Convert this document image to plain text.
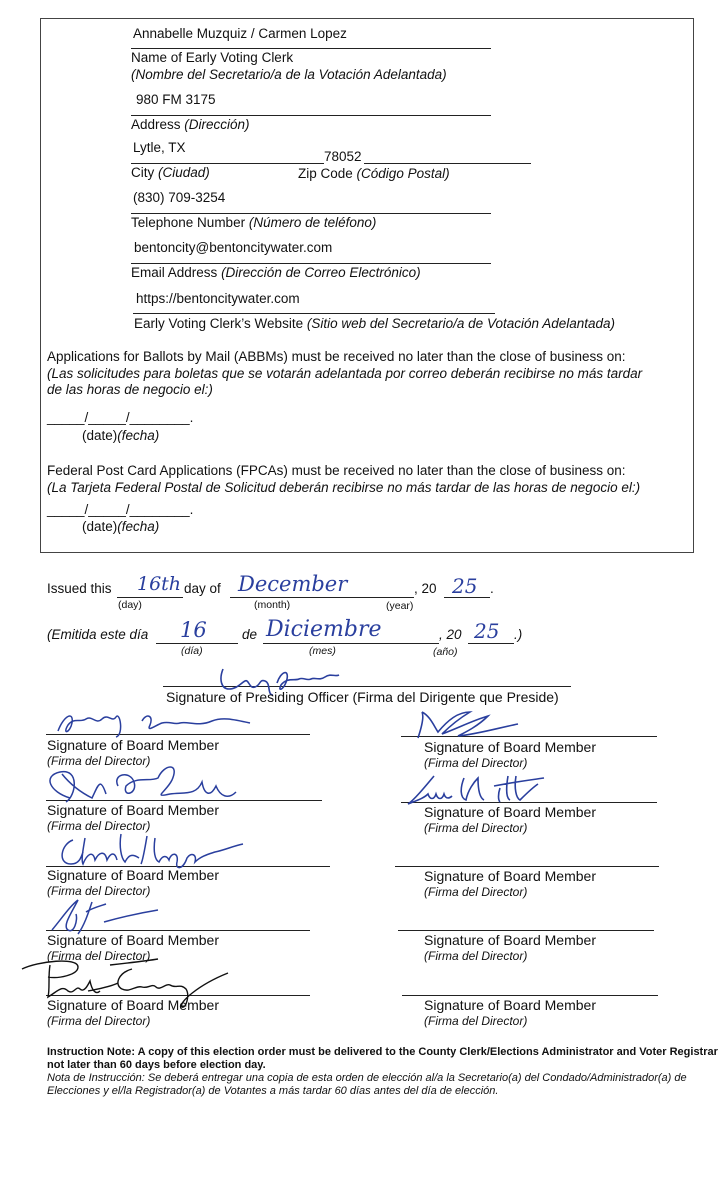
Annabelle Muzquiz / Carmen Lopez
Name of Early Voting Clerk
(Nombre del Secretario/a de la Votación Adelantada)
980 FM 3175
Address (Dirección)
Lytle, TX
78052
City (Ciudad)	Zip Code (Código Postal)
(830) 709-3254
Telephone Number (Número de teléfono)
bentoncity@bentoncitywater.com
Email Address (Dirección de Correo Electrónico)
https://bentoncitywater.com
Early Voting Clerk’s Website (Sitio web del Secretario/a de Votación Adelantada)
Applications for Ballots by Mail (ABBMs) must be received no later than the close of business on:
(Las solicitudes para boletas que se votarán adelantada por correo deberán recibirse no más tardar
de las horas de negocio el:)
_____/_____/________.
(date)(fecha)
Federal Post Card Applications (FPCAs) must be received no later than the close of business on:
(La Tarjeta Federal Postal de Solicitud deberán recibirse no más tardar de las horas de negocio el:)
_____/_____/________.
(date)(fecha)
Issued this 16th day of December	, 20 25 .
(day)	(month)	(year)
(Emitida este día 16	de Diciembre	, 20 25 .)
(día)	(mes)	(año)
Signature of Presiding Officer (Firma del Dirigente que Preside)
Signature of Board Member
(Firma del Director)
Signature of Board Member
(Firma del Director)
Signature of Board Member
(Firma del Director)
Signature of Board Member
(Firma del Director)
Signature of Board Member
(Firma del Director)
Signature of Board Member
(Firma del Director)
Signature of Board Member
(Firma del Director)
Signature of Board Member
(Firma del Director)
Signature of Board Member
(Firma del Director)
Signature of Board Member
(Firma del Director)
Instruction Note: A copy of this election order must be delivered to the County Clerk/Elections Administrator and Voter Registrar not later than 60 days before election day.
Nota de Instrucción: Se deberá entregar una copia de esta orden de elección al/a la Secretario(a) del Condado/Administrador(a) de Elecciones y el/la Registrador(a) de Votantes a más tardar 60 días antes del día de elección.
